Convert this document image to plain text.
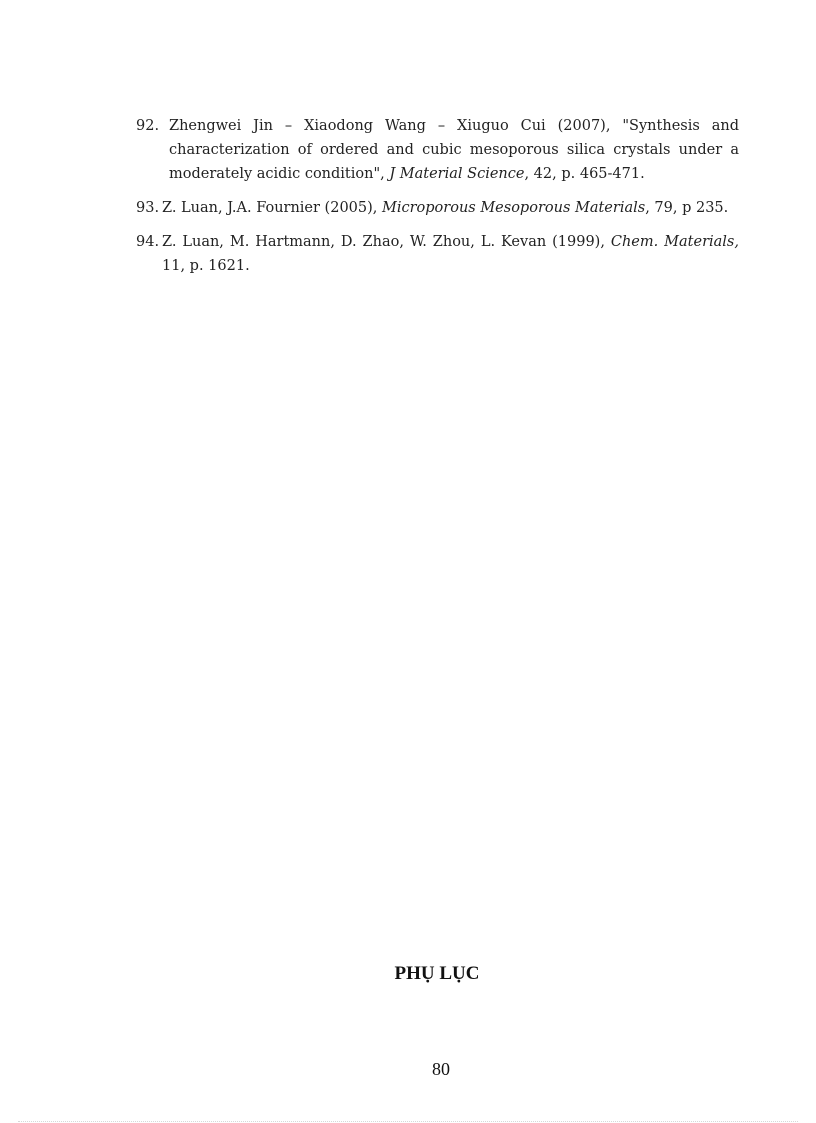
92. Zhengwei Jin – Xiaodong Wang – Xiuguo Cui (2007), "Synthesis and characterization of ordered and cubic mesoporous silica crystals under a moderately acidic condition", J Material Science, 42, p. 465-471.
93. Z. Luan, J.A. Fournier (2005), Microporous Mesoporous Materials, 79, p 235.
94. Z. Luan, M. Hartmann, D. Zhao, W. Zhou, L. Kevan (1999), Chem. Materials, 11, p. 1621.
PHỤ LỤC
80
